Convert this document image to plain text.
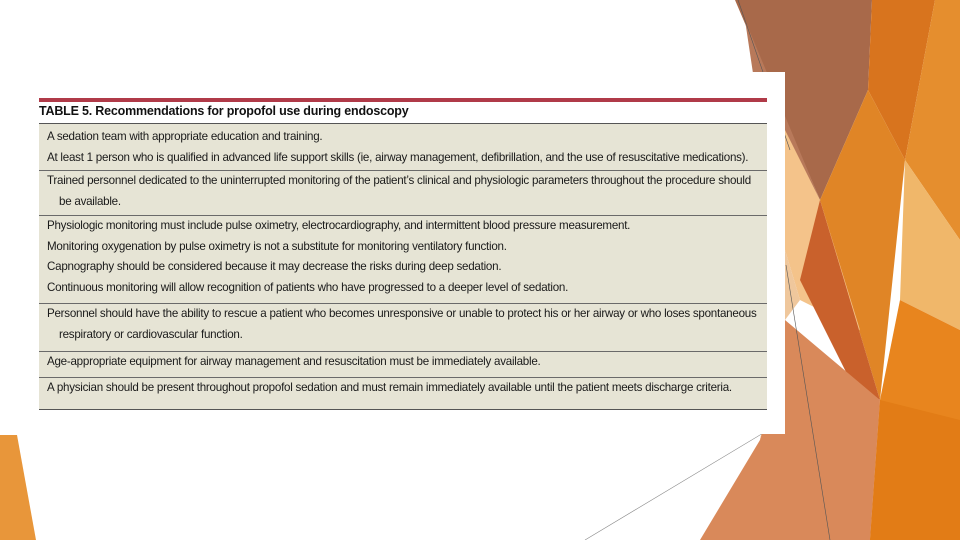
TABLE 5. Recommendations for propofol use during endoscopy
A sedation team with appropriate education and training.
At least 1 person who is qualified in advanced life support skills (ie, airway management, defibrillation, and the use of resuscitative medications).
Trained personnel dedicated to the uninterrupted monitoring of the patient’s clinical and physiologic parameters throughout the procedure should
be available.
Physiologic monitoring must include pulse oximetry, electrocardiography, and intermittent blood pressure measurement.
Monitoring oxygenation by pulse oximetry is not a substitute for monitoring ventilatory function.
Capnography should be considered because it may decrease the risks during deep sedation.
Continuous monitoring will allow recognition of patients who have progressed to a deeper level of sedation.
Personnel should have the ability to rescue a patient who becomes unresponsive or unable to protect his or her airway or who loses spontaneous
respiratory or cardiovascular function.
Age-appropriate equipment for airway management and resuscitation must be immediately available.
A physician should be present throughout propofol sedation and must remain immediately available until the patient meets discharge criteria.
